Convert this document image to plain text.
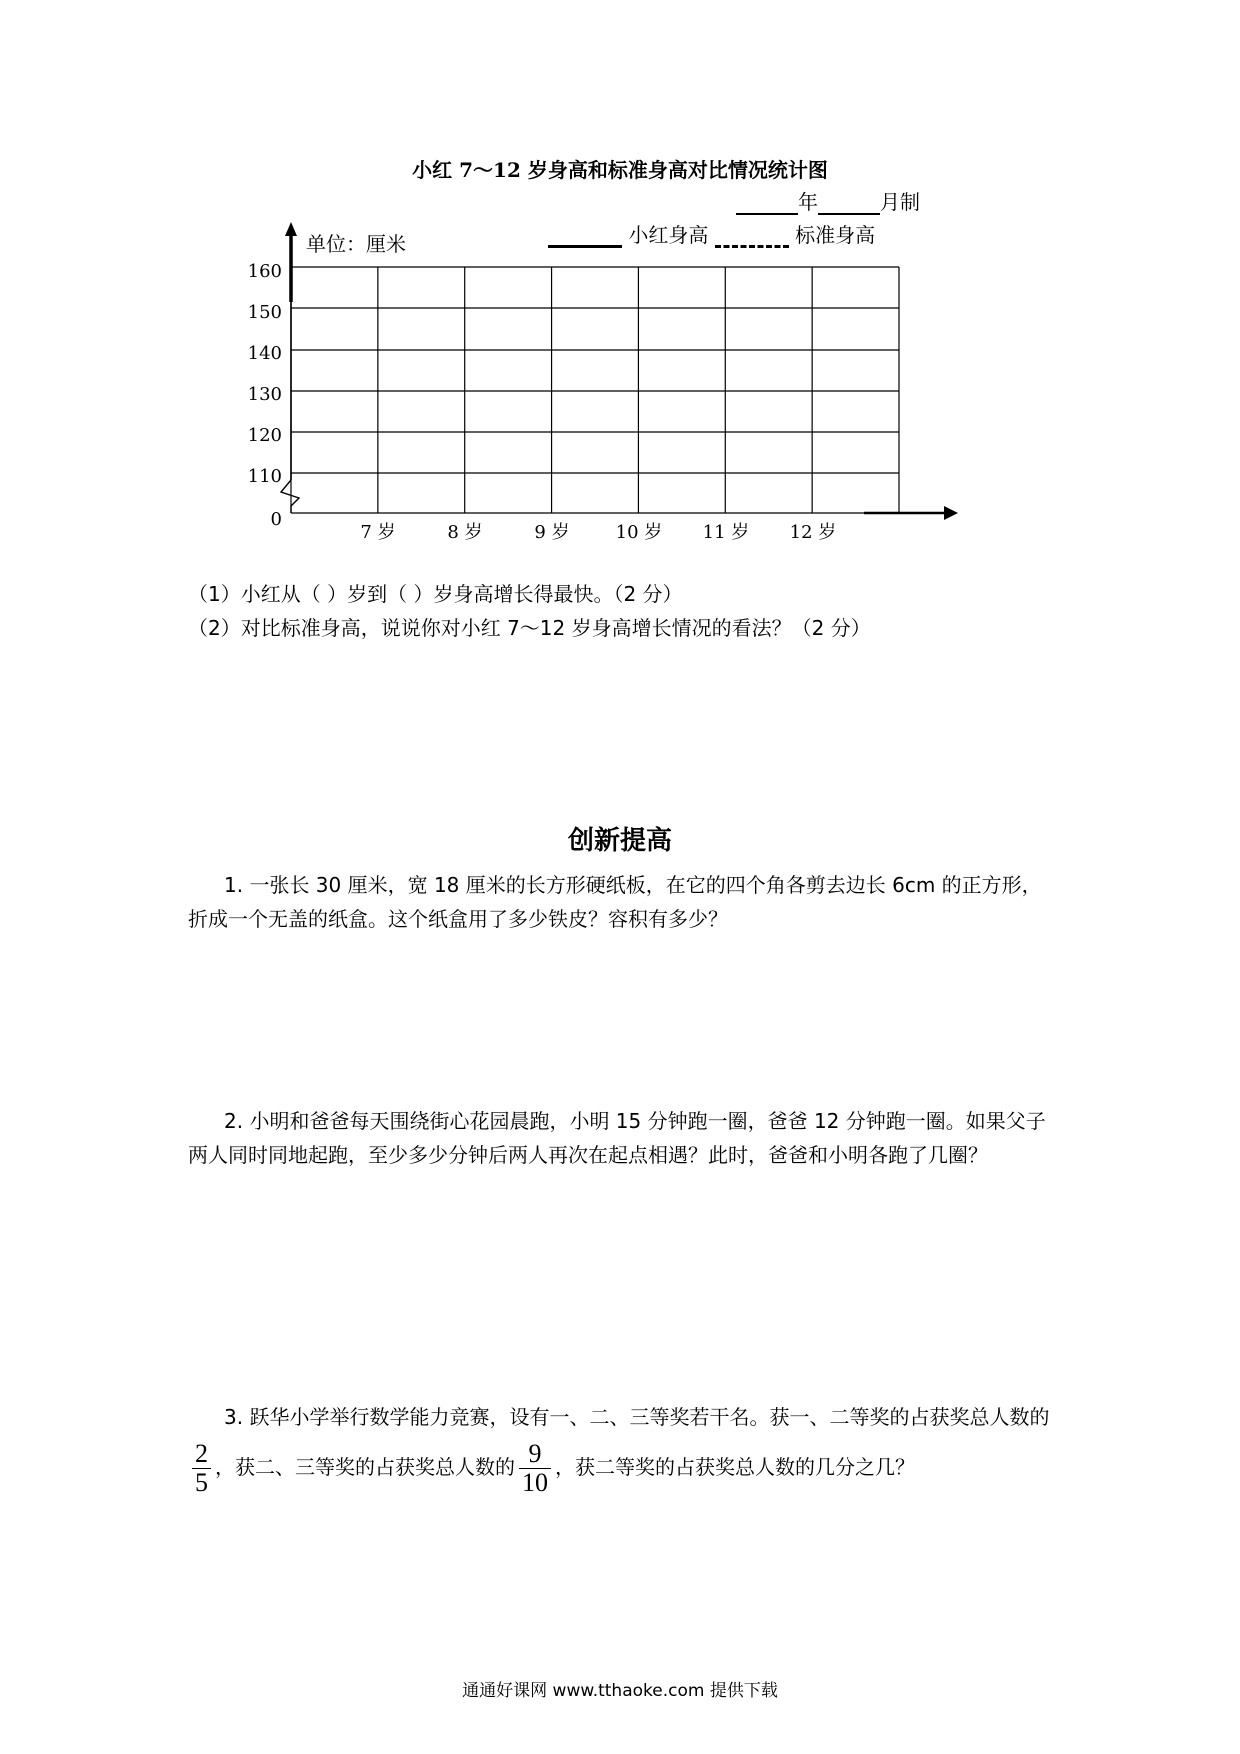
小红 7～12 岁身高和标准身高对比情况统计图
年	月制
小红身高	标准身高
单位：厘米
0
110
120
130
140
150
160
7 岁	8 岁	9 岁	10 岁 11 岁 12 岁
（1）小红从（ ）岁到（ ）岁身高增长得最快。（2 分）
（2）对比标准身高，说说你对小红 7～12 岁身高增长情况的看法？（2 分）
创新提高
1. 一张长 30 厘米，宽 18 厘米的长方形硬纸板，在它的四个角各剪去边长 6cm 的正方形，折成一个无盖的纸盒。这个纸盒用了多少铁皮？容积有多少？
2. 小明和爸爸每天围绕街心花园晨跑，小明 15 分钟跑一圈，爸爸 12 分钟跑一圈。如果父子两人同时同地起跑，至少多少分钟后两人再次在起点相遇？此时，爸爸和小明各跑了几圈？
3. 跃华小学举行数学能力竞赛，设有一、二、三等奖若干名。获一、二等奖的占获奖总人数的
$\frac{2}{5}$ ，获二、三等奖的占获奖总人数的 $\frac{9}{10}$ ，获二等奖的占获奖总人数的几分之几？
通通好课网 www.tthaoke.com 提供下载
